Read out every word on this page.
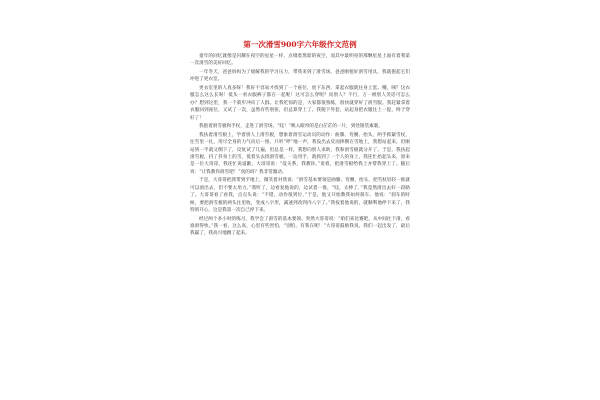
第一次滑雪900字六年级作文范例

童年的回忆就像是闪耀在夜空的星星一样，点缀着黑暗的夜空，而其中最明亮的那颗星星上面有着我第一次滑雪的美好回忆。

一年冬天，爸爸妈妈为了缓解我的学习压力，带我来到了滑雪场。爸爸刚租好滑雪用具，我就抱起它们冲进了更衣室。

更衣室里的人真多呀！我好不容易才找到了一个座位，放下东西，拿起衣服就往身上套。哦，咦？这衣服怎么这么长呀！低头一看衣服裤子都在一起呢！这可怎么穿呢？问别人？不行，万一被别人笑话可怎么办？想到这里，我一个箭步冲向了人群。让我吃惊的是，大家都很熟练，很快就穿好了滑雪服。我赶紧拿着衣服回到座位，又试了一次，虽然有些别扭，但总算穿上了。我脱下外套，站起身把衣服往上一提，终于穿好了！

我抱着滑雪板和手杖，走进了滑雪场。“哇！”映入眼帘的是白茫茫的一片，到处银装素裹。

我扶着滑雪板上，学着别人上滑雪板，想象着滑雪运动员的动作：曲膝、弯腰、抬头，两手抓紧雪杖，往雪里一扎，用尽全身的力气向后一推，只听“呼”地一声，我没出去反而摔倒在雪地上，我想站起来，但刚站到一半就又倒下了，反复试了几遍，但总是一样，我想向别人求助，我和滑雪板就分开了。于是，我扶起滑雪板，抖了抖身上的雪，低着头去找滑雪板。一边用手，就抓到了一个人的身上，我连忙抬起头来，原来是一位大哥哥，我连忙说道歉，大哥哥说：“没关系，我教你。”说着，把滑雪板给我上并帮我穿上了。随后说：“让我教你滑雪吧！”真的吗？我非常激动。

于是，大哥哥把我带到平地上，微笑着对我说：“滑雪基本要领是曲膝、弯腰、抬头、把雪杖轻轻一推就可以滑出去，但不要太用力。”我听了，边看复他说的，边试着一推，“哇，太棒了，”我竟然滑出去好一段路了。大哥哥看了看我，点点头说：“不错，动作很到位，”于是，他又开始教我如何刹车。他说：“刹车的时候，要把滑雪板的两头往里收，变成八字形，减速到改到内八字了。”我按着他说的，就顺利地停下来了，我特别开心，这是我第一次自己停下来。

经过两个多小时的练习，我学会了滑雪的基本要领。突然大哥哥说：“咱们来比赛吧，从中间往下滑，看谁滑得快。”我一看，这么高，心里有些害怕，“别怕，有我在呢！”大哥哥鼓励我说。我们一起出发了，最后我赢了，我高兴地跳了起来。
